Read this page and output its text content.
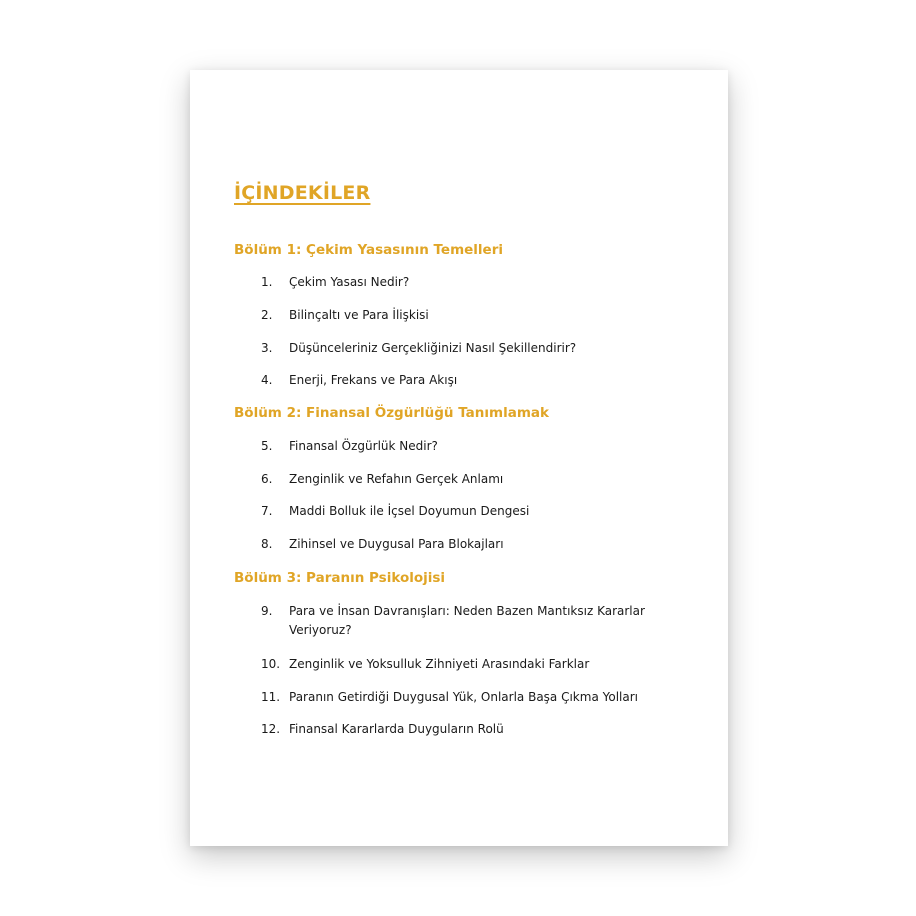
İÇİNDEKİLER
Bölüm 1: Çekim Yasasının Temelleri
1.	Çekim Yasası Nedir?
2.	Bilinçaltı ve Para İlişkisi
3.	Düşünceleriniz Gerçekliğinizi Nasıl Şekillendirir?
4.	Enerji, Frekans ve Para Akışı
Bölüm 2: Finansal Özgürlüğü Tanımlamak
5.	Finansal Özgürlük Nedir?
6.	Zenginlik ve Refahın Gerçek Anlamı
7.	Maddi Bolluk ile İçsel Doyumun Dengesi
8.	Zihinsel ve Duygusal Para Blokajları
Bölüm 3: Paranın Psikolojisi
9.	Para ve İnsan Davranışları: Neden Bazen Mantıksız Kararlar Veriyoruz?
10. Zenginlik ve Yoksulluk Zihniyeti Arasındaki Farklar
11. Paranın Getirdiği Duygusal Yük, Onlarla Başa Çıkma Yolları
12. Finansal Kararlarda Duyguların Rolü
